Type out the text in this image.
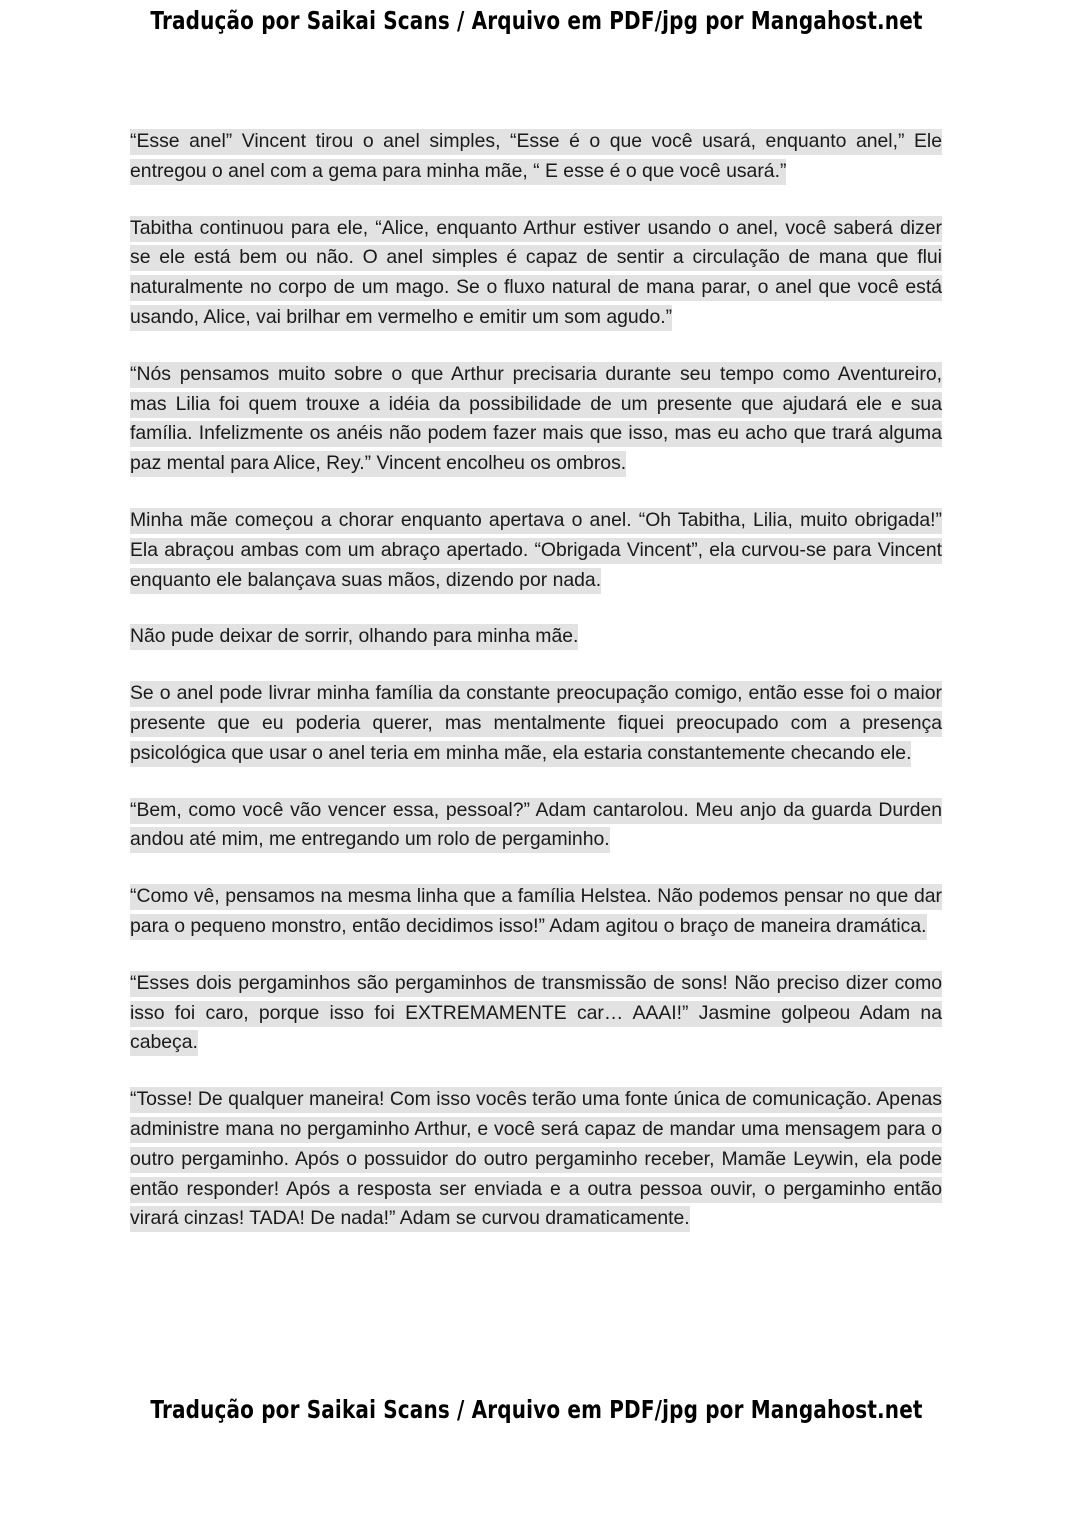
Tradução por Saikai Scans / Arquivo em PDF/jpg por Mangahost.net

“Esse anel” Vincent tirou o anel simples, “Esse é o que você usará, enquanto anel,” Ele entregou o anel com a gema para minha mãe, “ E esse é o que você usará.”

Tabitha continuou para ele, “Alice, enquanto Arthur estiver usando o anel, você saberá dizer se ele está bem ou não. O anel simples é capaz de sentir a circulação de mana que flui naturalmente no corpo de um mago. Se o fluxo natural de mana parar, o anel que você está usando, Alice, vai brilhar em vermelho e emitir um som agudo.”

“Nós pensamos muito sobre o que Arthur precisaria durante seu tempo como Aventureiro, mas Lilia foi quem trouxe a idéia da possibilidade de um presente que ajudará ele e sua família. Infelizmente os anéis não podem fazer mais que isso, mas eu acho que trará alguma paz mental para Alice, Rey.” Vincent encolheu os ombros.

Minha mãe começou a chorar enquanto apertava o anel. “Oh Tabitha, Lilia, muito obrigada!” Ela abraçou ambas com um abraço apertado. “Obrigada Vincent”, ela curvou-se para Vincent enquanto ele balançava suas mãos, dizendo por nada.

Não pude deixar de sorrir, olhando para minha mãe.

Se o anel pode livrar minha família da constante preocupação comigo, então esse foi o maior presente que eu poderia querer, mas mentalmente fiquei preocupado com a presença psicológica que usar o anel teria em minha mãe, ela estaria constantemente checando ele.

“Bem, como você vão vencer essa, pessoal?” Adam cantarolou. Meu anjo da guarda Durden andou até mim, me entregando um rolo de pergaminho.

“Como vê, pensamos na mesma linha que a família Helstea. Não podemos pensar no que dar para o pequeno monstro, então decidimos isso!” Adam agitou o braço de maneira dramática.

“Esses dois pergaminhos são pergaminhos de transmissão de sons! Não preciso dizer como isso foi caro, porque isso foi EXTREMAMENTE car… AAAI!” Jasmine golpeou Adam na cabeça.

“Tosse! De qualquer maneira! Com isso vocês terão uma fonte única de comunicação. Apenas administre mana no pergaminho Arthur, e você será capaz de mandar uma mensagem para o outro pergaminho. Após o possuidor do outro pergaminho receber, Mamãe Leywin, ela pode então responder! Após a resposta ser enviada e a outra pessoa ouvir, o pergaminho então virará cinzas! TADA! De nada!” Adam se curvou dramaticamente.

Tradução por Saikai Scans / Arquivo em PDF/jpg por Mangahost.net
